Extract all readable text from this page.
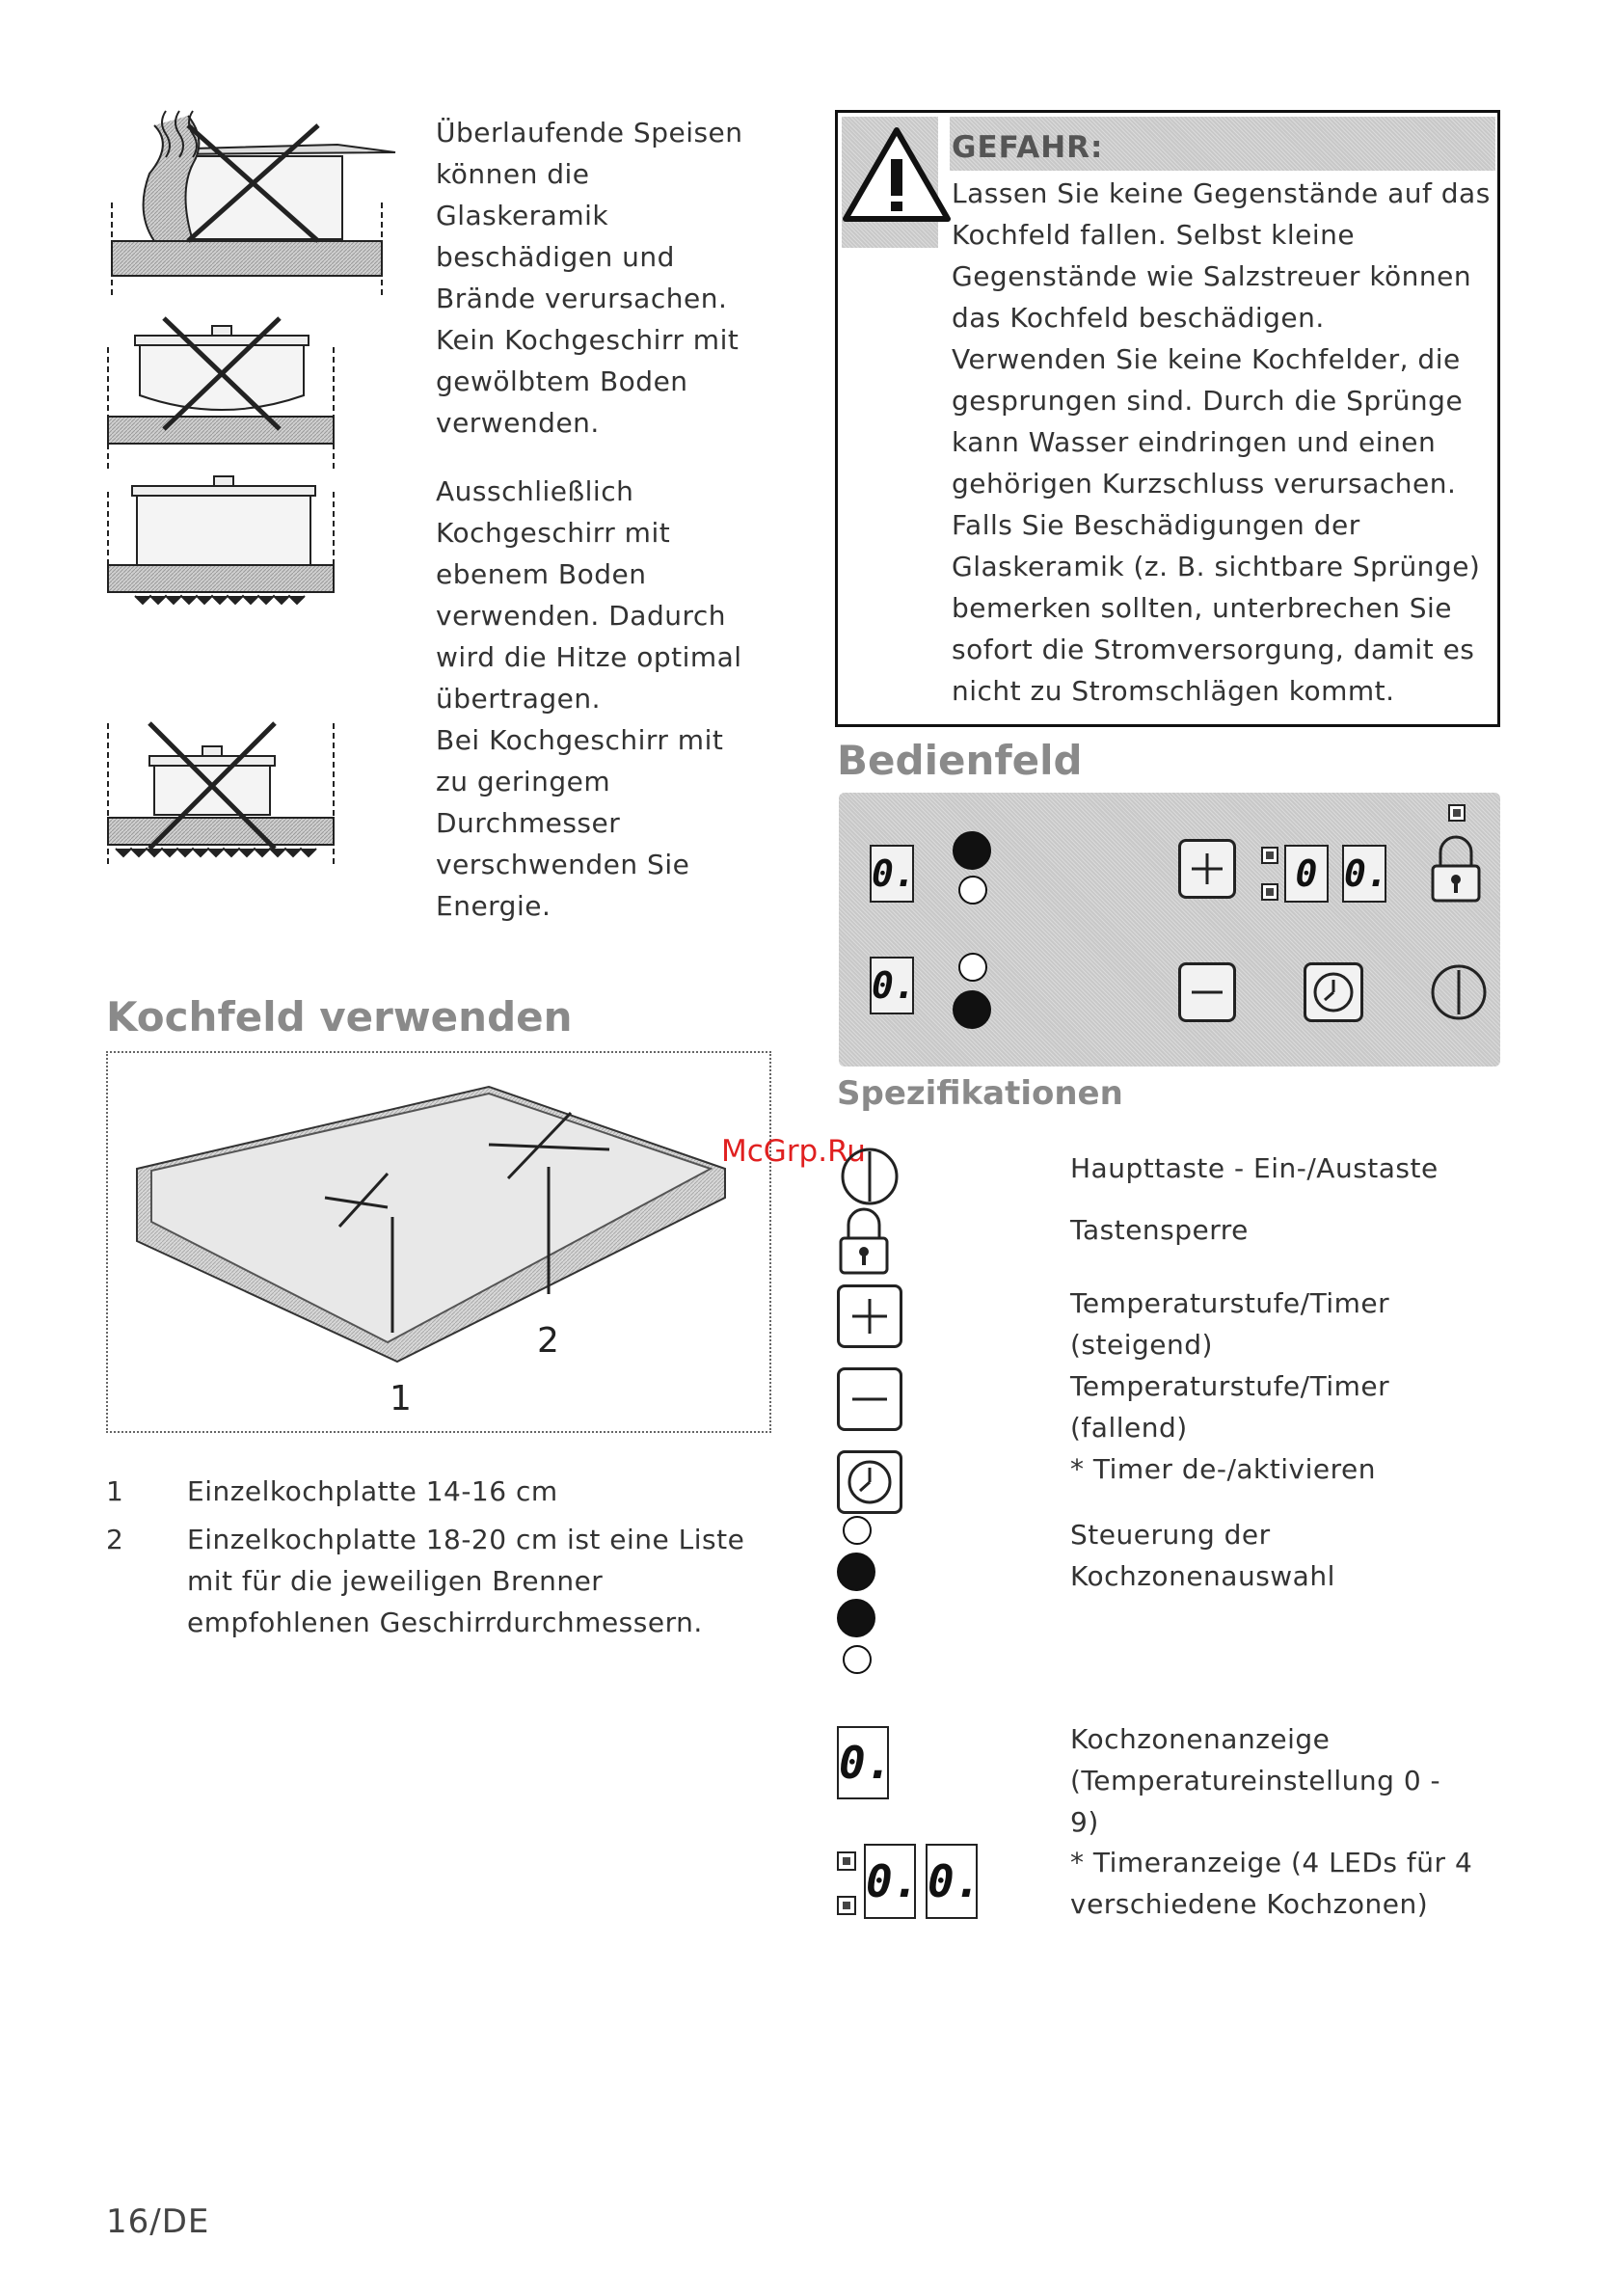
Überlaufende Speisen
können die
Glaskeramik
beschädigen und
Brände verursachen.
Kein Kochgeschirr mit
gewölbtem Boden
verwenden.
Ausschließlich
Kochgeschirr mit
ebenem Boden
verwenden. Dadurch
wird die Hitze optimal
übertragen.
Bei Kochgeschirr mit
zu geringem
Durchmesser
verschwenden Sie
Energie.
Kochfeld verwenden
1
2
1 Einzelkochplatte 14-16 cm
2	Einzelkochplatte 18-20 cm ist eine Liste mit für die jeweiligen Brenner empfohlenen Geschirrdurchmessern.
GEFAHR:
Lassen Sie keine Gegenstände auf das
Kochfeld fallen. Selbst kleine
Gegenstände wie Salzstreuer können
das Kochfeld beschädigen.
Verwenden Sie keine Kochfelder, die
gesprungen sind. Durch die Sprünge
kann Wasser eindringen und einen
gehörigen Kurzschluss verursachen.
Falls Sie Beschädigungen der
Glaskeramik (z. B. sichtbare Sprünge)
bemerken sollten, unterbrechen Sie
sofort die Stromversorgung, damit es
nicht zu Stromschlägen kommt.
Bedienfeld
0.
0.
0 0.
Spezifikationen
McGrp.Ru
0.
0. 0.
Haupttaste - Ein-/Austaste
Tastensperre
Temperaturstufe/Timer
(steigend)
Temperaturstufe/Timer
(fallend)
* Timer de-/aktivieren
Steuerung der
Kochzonenauswahl
Kochzonenanzeige
(Temperatureinstellung 0 -
9)
* Timeranzeige (4 LEDs für 4
verschiedene Kochzonen)
16/DE
